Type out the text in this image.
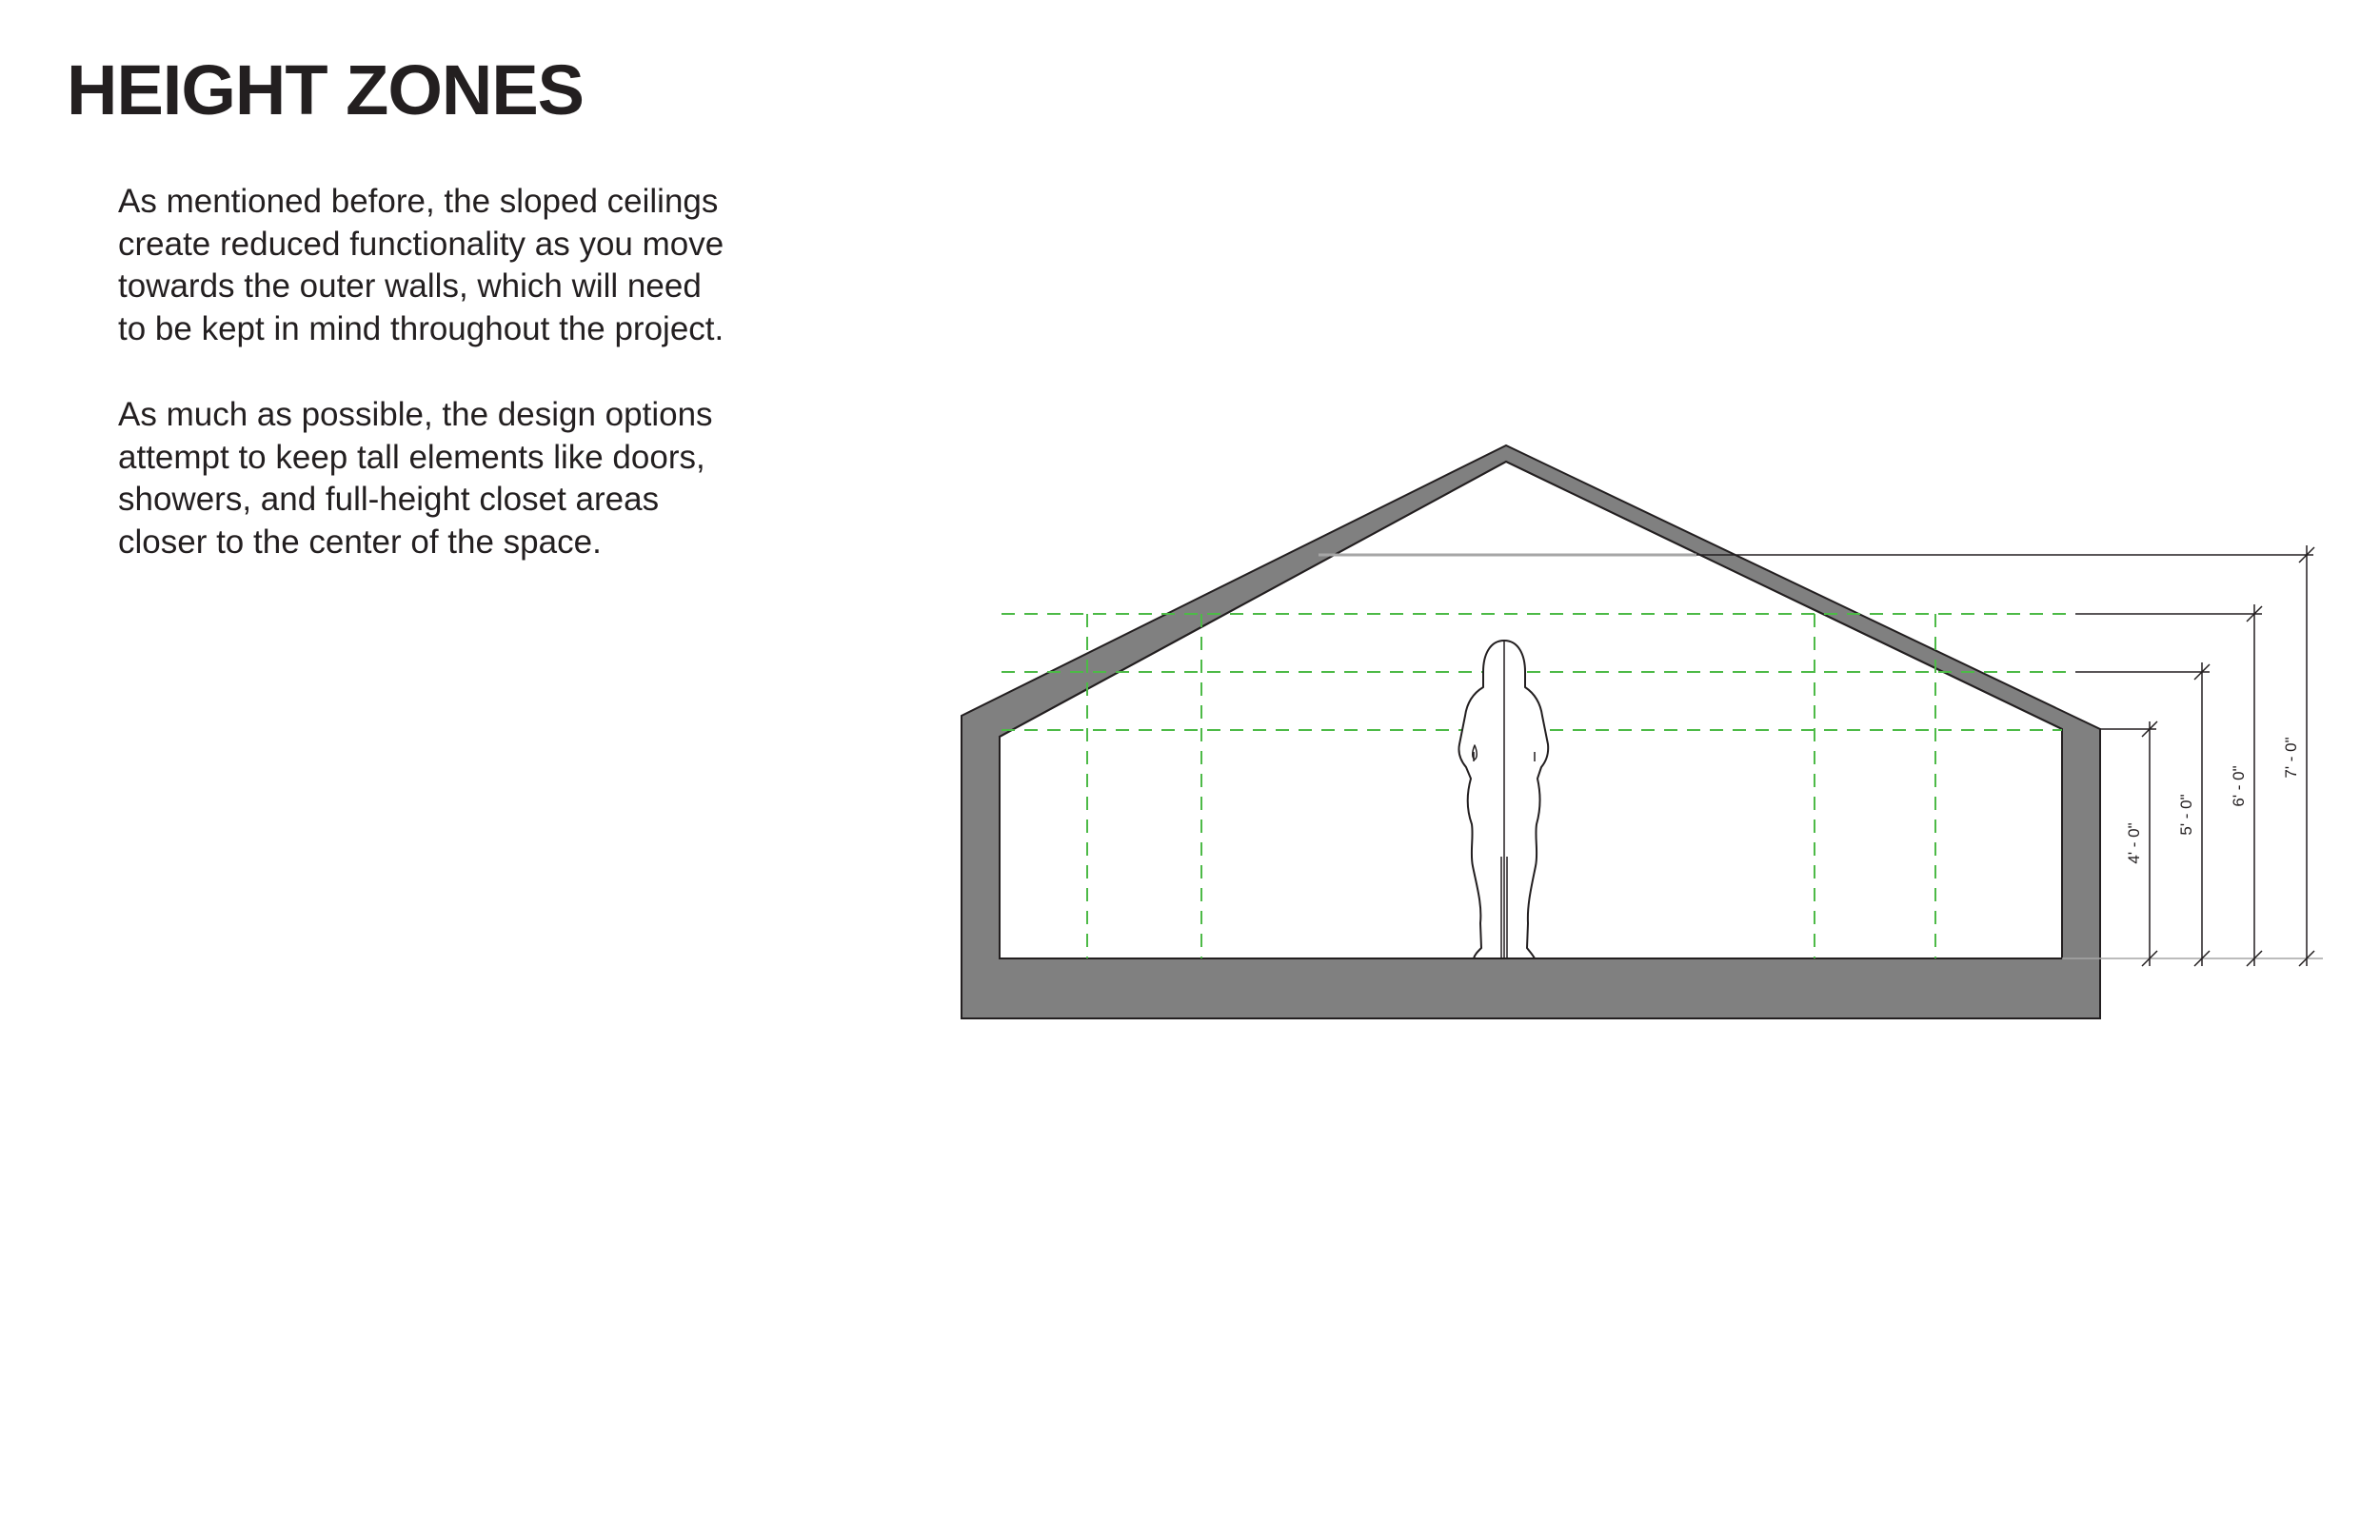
HEIGHT ZONES

As mentioned before, the sloped ceilings
create reduced functionality as you move
towards the outer walls, which will need
to be kept in mind throughout the project.

As much as possible, the design options
attempt to keep tall elements like doors,
showers, and full-height closet areas
closer to the center of the space.

4' - 0"
5' - 0"
6' - 0"
7' - 0"
